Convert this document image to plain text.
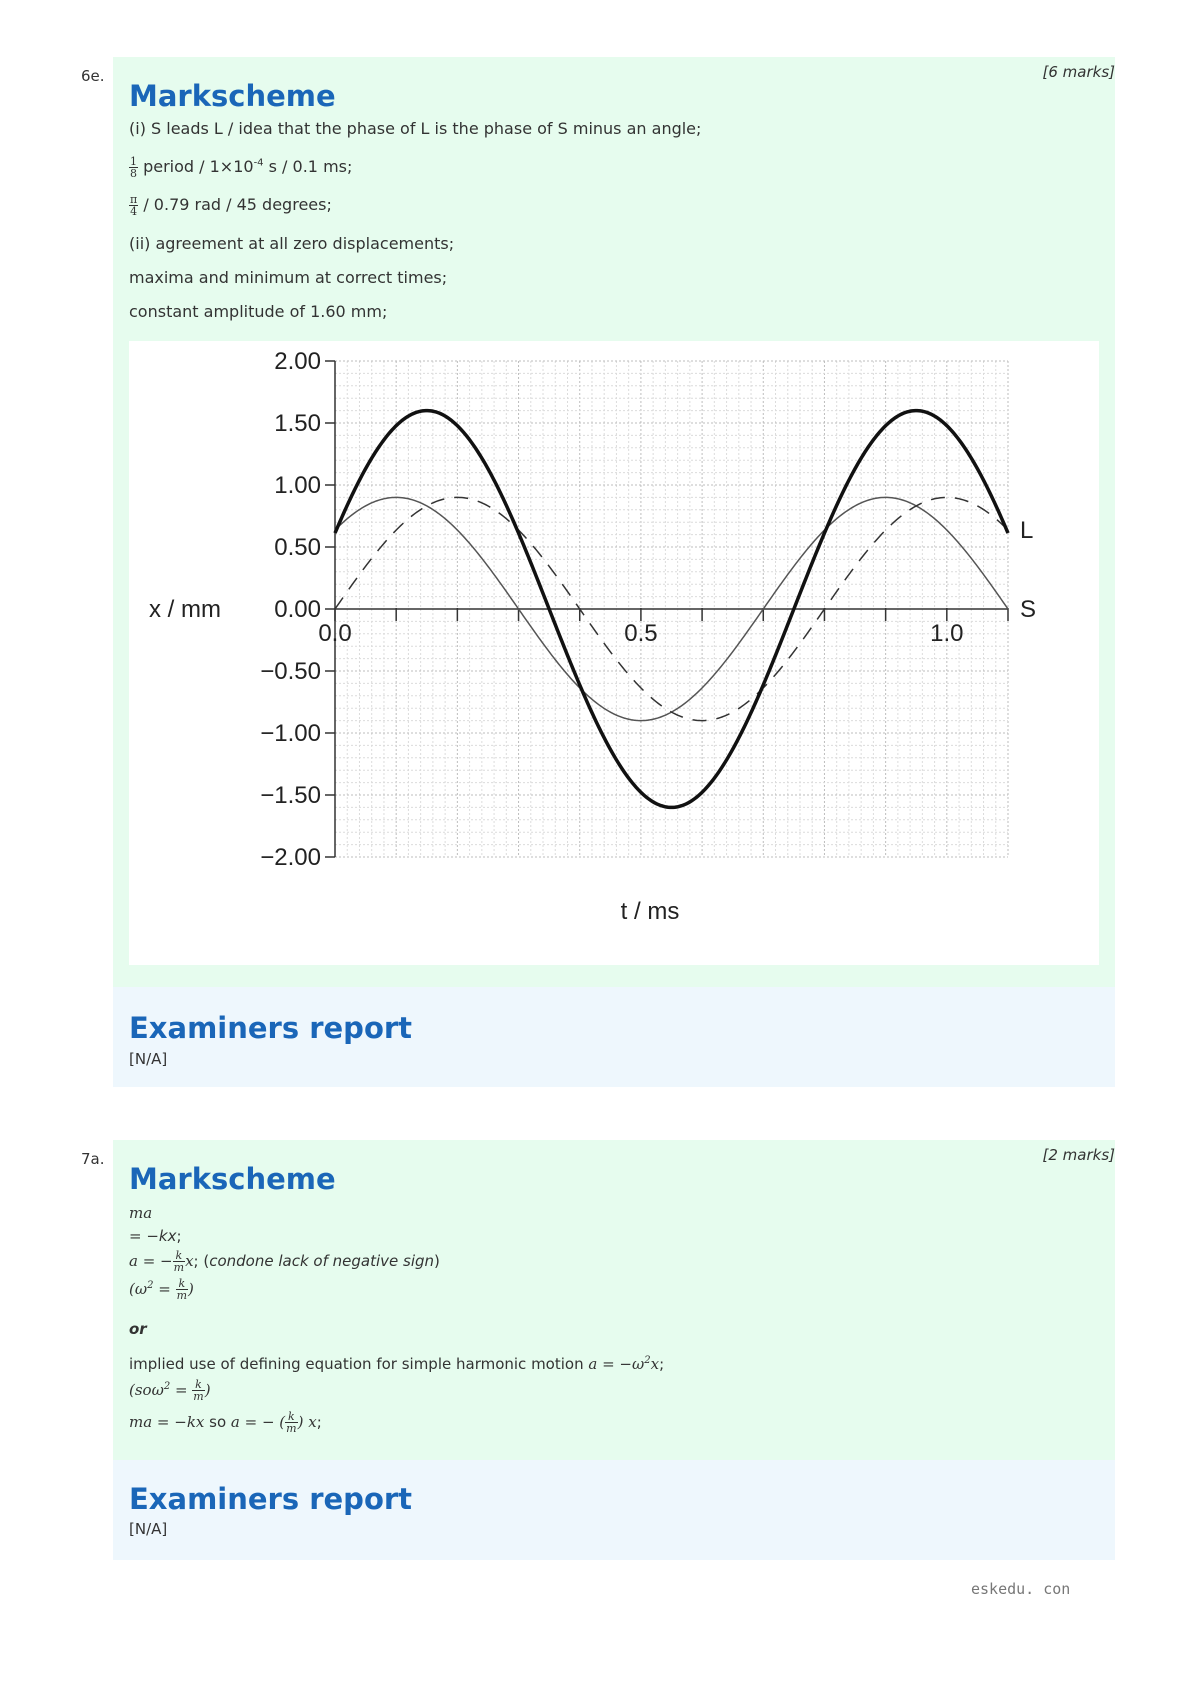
6e.	[6 marks]
Markscheme
(i) S leads L / idea that the phase of L is the phase of S minus an angle;
$\frac{1}{8}$ period / $1\times 10^{-4}$ s / 0.1 ms;
$\frac{\pi}{4} / 0.79$ rad / 45 degrees;
(ii) agreement at all zero displacements;
maxima and minimum at correct times;
constant amplitude of 1.60 mm;
2.00
1.50
1.00
0.50
0.00
−0.50
−1.00
−1.50
−2.00
0.0	0.5	1.0
x / mm
t / ms
S
L
Examiners report
[N/A]
7a.	[2 marks]
Markscheme
ma
= −kx;
a = − $\frac{k}{m} x$; (condone lack of negative sign)
($\omega^2 = \frac{k}{m}$ )
or
implied use of defining equation for simple harmonic motion $a = -\omega^2x$;
($so\omega^2 = \frac{k}{m}$ )
ma = −kx so a = − ( $\frac{k}{m}$ ) x;
Examiners report
[N/A]
eskedu. con
